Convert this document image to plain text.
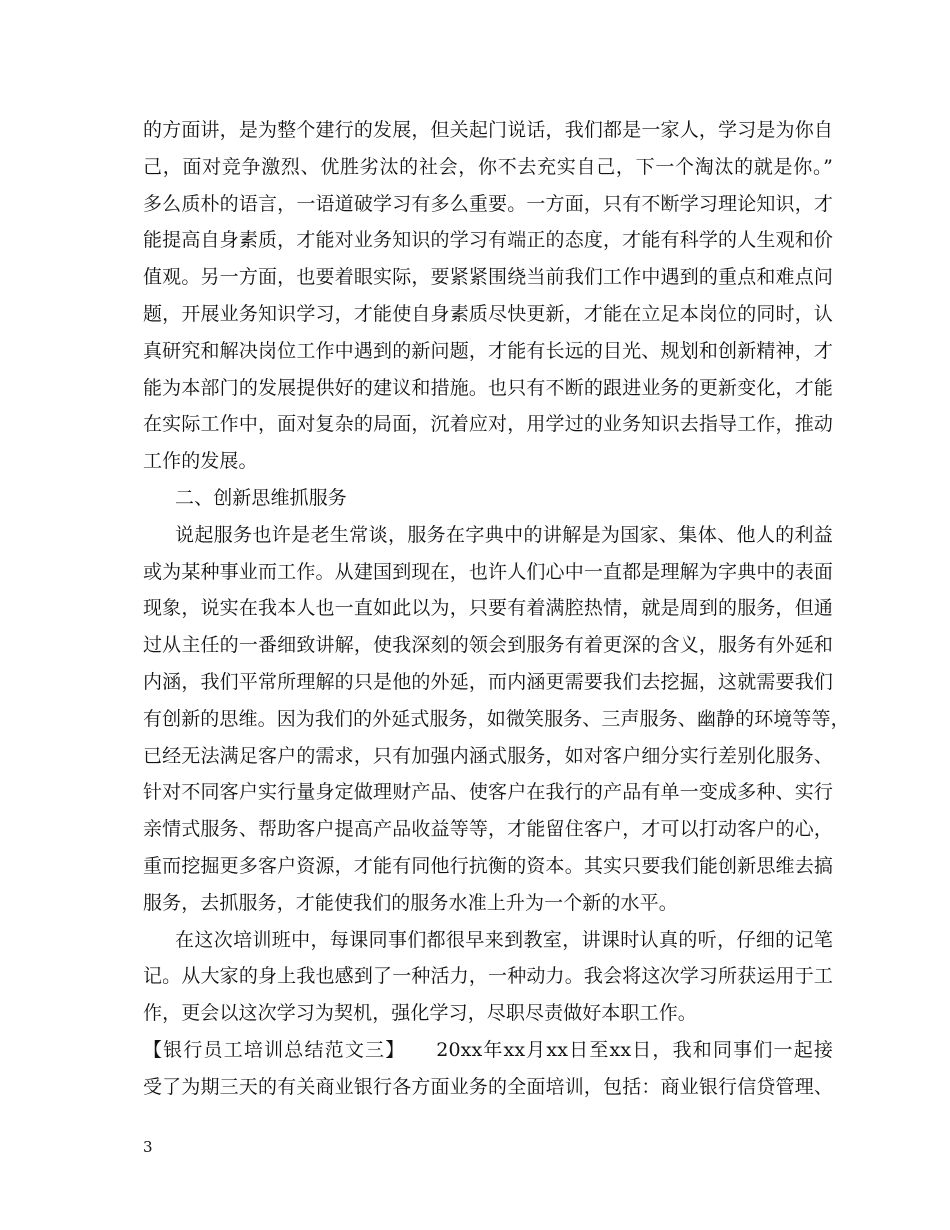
的方面讲，是为整个建行的发展，但关起门说话，我们都是一家人，学习是为你自
己，面对竞争激烈、优胜劣汰的社会，你不去充实自己，下一个淘汰的就是你。”
多么质朴的语言，一语道破学习有多么重要。一方面，只有不断学习理论知识，才
能提高自身素质，才能对业务知识的学习有端正的态度，才能有科学的人生观和价
值观。另一方面，也要着眼实际，要紧紧围绕当前我们工作中遇到的重点和难点问
题，开展业务知识学习，才能使自身素质尽快更新，才能在立足本岗位的同时，认
真研究和解决岗位工作中遇到的新问题，才能有长远的目光、规划和创新精神，才
能为本部门的发展提供好的建议和措施。也只有不断的跟进业务的更新变化，才能
在实际工作中，面对复杂的局面，沉着应对，用学过的业务知识去指导工作，推动
工作的发展。
二、创新思维抓服务
说起服务也许是老生常谈，服务在字典中的讲解是为国家、集体、他人的利益
或为某种事业而工作。从建国到现在，也许人们心中一直都是理解为字典中的表面
现象，说实在我本人也一直如此以为，只要有着满腔热情，就是周到的服务，但通
过从主任的一番细致讲解，使我深刻的领会到服务有着更深的含义，服务有外延和
内涵，我们平常所理解的只是他的外延，而内涵更需要我们去挖掘，这就需要我们
有创新的思维。因为我们的外延式服务，如微笑服务、三声服务、幽静的环境等等，
已经无法满足客户的需求，只有加强内涵式服务，如对客户细分实行差别化服务、
针对不同客户实行量身定做理财产品、使客户在我行的产品有单一变成多种、实行
亲情式服务、帮助客户提高产品收益等等，才能留住客户，才可以打动客户的心，
重而挖掘更多客户资源，才能有同他行抗衡的资本。其实只要我们能创新思维去搞
服务，去抓服务，才能使我们的服务水准上升为一个新的水平。
在这次培训班中，每课同事们都很早来到教室，讲课时认真的听，仔细的记笔
记。从大家的身上我也感到了一种活力，一种动力。我会将这次学习所获运用于工
作，更会以这次学习为契机，强化学习，尽职尽责做好本职工作。
【银行员工培训总结范文三】　　20xx年xx月xx日至xx日，我和同事们一起接
受了为期三天的有关商业银行各方面业务的全面培训，包括：商业银行信贷管理、
3
